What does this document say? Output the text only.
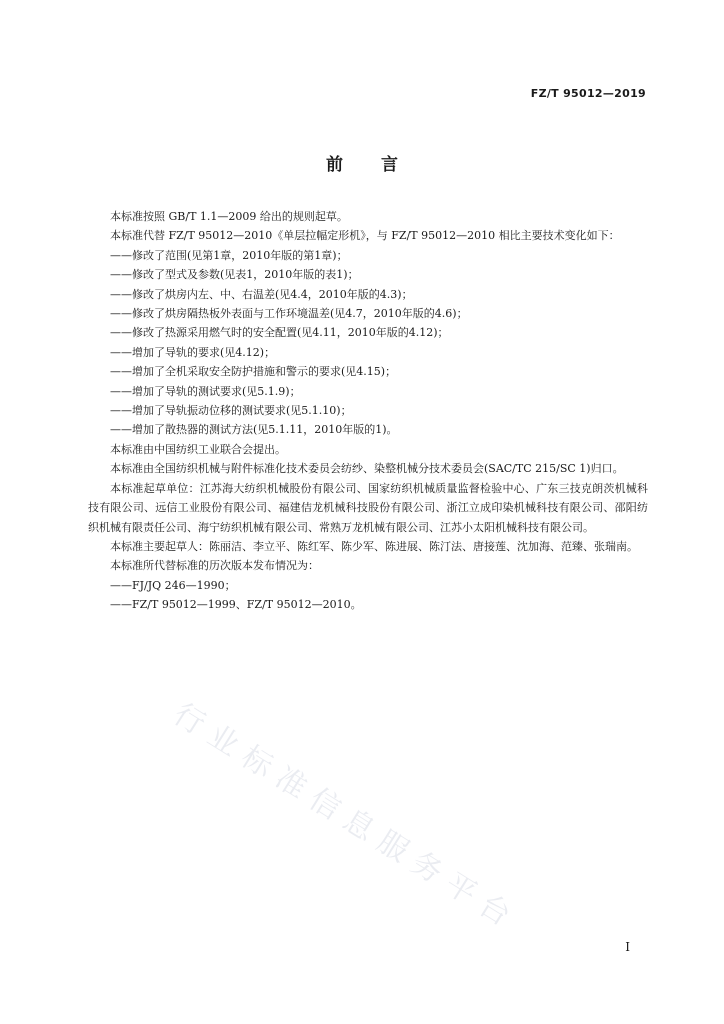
FZ/T 95012—2019
前言

本标准按照 GB/T 1.1—2009 给出的规则起草。

本标准代替 FZ/T 95012—2010《单层拉幅定形机》，与 FZ/T 95012—2010 相比主要技术变化如下：

——修改了范围(见第1章，2010年版的第1章)；

——修改了型式及参数(见表1，2010年版的表1)；

——修改了烘房内左、中、右温差(见4.4，2010年版的4.3)；

——修改了烘房隔热板外表面与工作环境温差(见4.7，2010年版的4.6)；

——修改了热源采用燃气时的安全配置(见4.11，2010年版的4.12)；

——增加了导轨的要求(见4.12)；

——增加了全机采取安全防护措施和警示的要求(见4.15)；

——增加了导轨的测试要求(见5.1.9)；

——增加了导轨振动位移的测试要求(见5.1.10)；

——增加了散热器的测试方法(见5.1.11，2010年版的1)。

本标准由中国纺织工业联合会提出。

本标准由全国纺织机械与附件标准化技术委员会纺纱、染整机械分技术委员会(SAC/TC 215/SC 1)归口。

本标准起草单位：江苏海大纺织机械股份有限公司、国家纺织机械质量监督检验中心、广东三技克朗茨机械科技有限公司、远信工业股份有限公司、福建佶龙机械科技股份有限公司、浙江立成印染机械科技有限公司、邵阳纺织机械有限责任公司、海宁纺织机械有限公司、常熟万龙机械有限公司、江苏小太阳机械科技有限公司。

本标准主要起草人：陈丽洁、李立平、陈红军、陈少军、陈进展、陈汀法、唐接莲、沈加海、范臻、张瑞南。

本标准所代替标准的历次版本发布情况为：

——FJ/JQ 246—1990；

——FZ/T 95012—1999、FZ/T 95012—2010。

行业标准信息服务平台
I
